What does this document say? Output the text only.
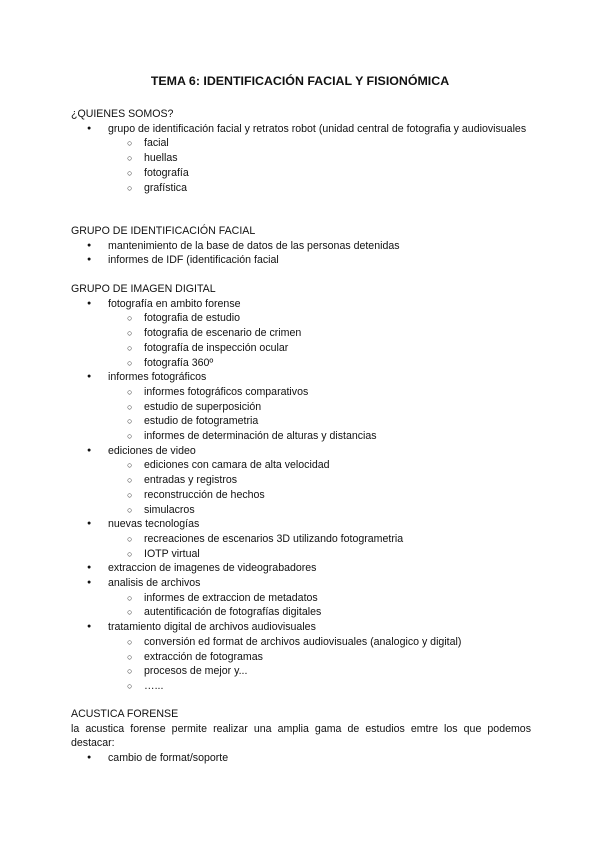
TEMA 6: IDENTIFICACIÓN FACIAL Y FISIONÓMICA

¿QUIENES SOMOS?

● grupo de identificación facial y retratos robot (unidad central de fotografia y audiovisuales
○ facial
○ huellas
○ fotografía
○ grafística

GRUPO DE IDENTIFICACIÓN FACIAL

● mantenimiento de la base de datos de las personas detenidas
● informes de IDF (identificación facial

GRUPO DE IMAGEN DIGITAL

● fotografía en ambito forense
○ fotografia de estudio
○ fotografia de escenario de crimen
○ fotografía de inspección ocular
○ fotografía 360º
● informes fotográficos
○ informes fotográficos comparativos
○ estudio de superposición
○ estudio de fotogrametria
○ informes de determinación de alturas y distancias
● ediciones de video
○ ediciones con camara de alta velocidad
○ entradas y registros
○ reconstrucción de hechos
○ simulacros
● nuevas tecnologías
○ recreaciones de escenarios 3D utilizando fotogrametria
○ IOTP virtual
● extraccion de imagenes de videograbadores
● analisis de archivos
○ informes de extraccion de metadatos
○ autentificación de fotografías digitales
● tratamiento digital de archivos audiovisuales
○ conversión ed format de archivos audiovisuales (analogico y digital)
○ extracción de fotogramas
○ procesos de mejor y...
○ …...

ACUSTICA FORENSE

la acustica forense permite realizar una amplia gama de estudios emtre los que podemos destacar:

● cambio de format/soporte
